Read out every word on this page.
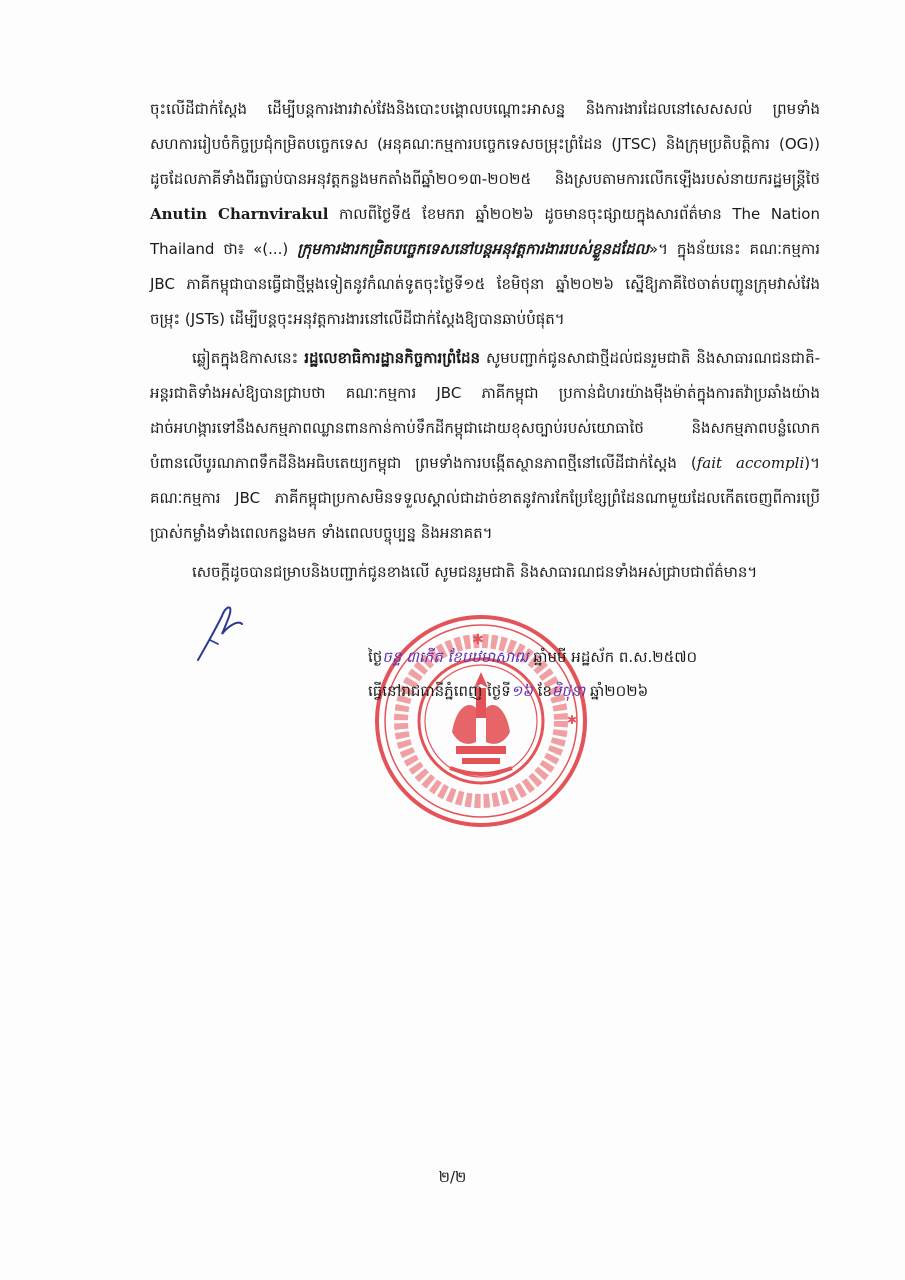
ចុះលើដីជាក់ស្តែង ដើម្បីបន្តការងារវាស់វែងនិងបោះបង្គោលបណ្តោះអាសន្ន និងការងារដែលនៅសេសសល់ ព្រមទាំងសហការរៀបចំកិច្ចប្រជុំកម្រិតបច្ចេកទេស (អនុគណៈកម្មការបច្ចេកទេសចម្រុះព្រំដែន (JTSC) និងក្រុមប្រតិបត្តិការ (OG)) ដូចដែលភាគីទាំងពីរធ្លាប់បានអនុវត្តកន្លងមកតាំងពីឆ្នាំ២០១៣-២០២៥ និងស្របតាមការលើកឡើងរបស់នាយករដ្ឋមន្ត្រីថៃ Anutin Charnvirakul កាលពីថ្ងៃទី៥ ខែមករា ឆ្នាំ២០២៦ ដូចមានចុះផ្សាយក្នុងសារព័ត៌មាន The Nation Thailand ថា៖ «(...) ក្រុមការងារកម្រិតបច្ចេកទេសនៅបន្តអនុវត្តការងាររបស់ខ្លួនដដែល»។ ក្នុងន័យនេះ គណៈកម្មការ JBC ភាគីកម្ពុជាបានធ្វើជាថ្មីម្តងទៀតនូវកំណត់ទូតចុះថ្ងៃទី១៥ ខែមិថុនា ឆ្នាំ២០២៦ ស្នើឱ្យភាគីថៃចាត់បញ្ជូនក្រុមវាស់វែងចម្រុះ (JSTs) ដើម្បីបន្តចុះអនុវត្តការងារនៅលើដីជាក់ស្តែងឱ្យបានឆាប់បំផុត។

ឆ្លៀតក្នុងឱកាសនេះ រដ្ឋលេខាធិការដ្ឋានកិច្ចការព្រំដែន សូមបញ្ជាក់ជូនសាជាថ្មីដល់ជនរួមជាតិ និងសាធារណជនជាតិ-អន្តរជាតិទាំងអស់ឱ្យបានជ្រាបថា គណៈកម្មការ JBC ភាគីកម្ពុជា ប្រកាន់ជំហរយ៉ាងម៉ឺងម៉ាត់ក្នុងការតវ៉ាប្រឆាំងយ៉ាងដាច់អហង្ការទៅនឹងសកម្មភាពឈ្លានពានកាន់កាប់ទឹកដីកម្ពុជាដោយខុសច្បាប់របស់យោធាថៃ និងសកម្មភាពបន្លំលោកបំពានលើបូរណភាពទឹកដីនិងអធិបតេយ្យកម្ពុជា ព្រមទាំងការបង្កើតស្ថានភាពថ្មីនៅលើដីជាក់ស្តែង (fait accompli)។ គណៈកម្មការ JBC ភាគីកម្ពុជាប្រកាសមិនទទួលស្គាល់ជាដាច់ខាតនូវការកែប្រែខ្សែព្រំដែនណាមួយដែលកើតចេញពីការប្រើប្រាស់កម្លាំងទាំងពេលកន្លងមក ទាំងពេលបច្ចុប្បន្ន និងអនាគត។

សេចក្តីដូចបានជម្រាបនិងបញ្ជាក់ជូនខាងលើ សូមជនរួមជាតិ និងសាធារណជនទាំងអស់ជ្រាបជាព័ត៌មាន។

✱
✱
ថ្ងៃចន្ទ ៣កើត ខែបឋមាសាឍ ឆ្នាំមមី អដ្ឋស័ក ព.ស.២៥៧០
ធ្វើនៅរាជធានីភ្នំពេញ ថ្ងៃទី១៦ ខែមិថុនា ឆ្នាំ២០២៦
២/២
